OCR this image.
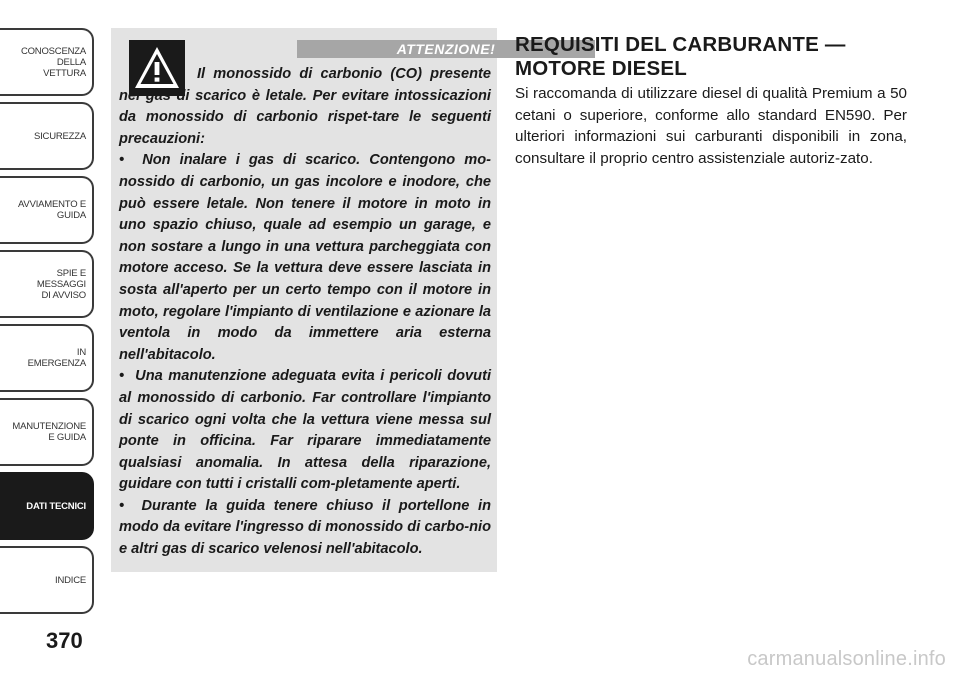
CONOSCENZA DELLA
VETTURA
SICUREZZA
AVVIAMENTO E
GUIDA
SPIE E
MESSAGGI
DI AVVISO
IN
EMERGENZA
MANUTENZIONE
E GUIDA
DATI TECNICI
INDICE
370
ATTENZIONE!

Il monossido di carbonio (CO) presente nei gas di scarico è letale. Per evitare intossicazioni da monossido di carbonio rispet-tare le seguenti precauzioni:

•  Non inalare i gas di scarico. Contengono mo-nossido di carbonio, un gas incolore e inodore, che può essere letale. Non tenere il motore in moto in uno spazio chiuso, quale ad esempio un garage, e non sostare a lungo in una vettura parcheggiata con motore acceso. Se la vettura deve essere lasciata in sosta all'aperto per un certo tempo con il motore in moto, regolare l'impianto di ventilazione e azionare la ventola in modo da immettere aria esterna nell'abitacolo.

•  Una manutenzione adeguata evita i pericoli dovuti al monossido di carbonio. Far controllare l'impianto di scarico ogni volta che la vettura viene messa sul ponte in officina. Far riparare immediatamente qualsiasi anomalia. In attesa della riparazione, guidare con tutti i cristalli com-pletamente aperti.

•  Durante la guida tenere chiuso il portellone in modo da evitare l'ingresso di monossido di carbo-nio e altri gas di scarico velenosi nell'abitacolo.

REQUISITI DEL CARBURANTE — MOTORE DIESEL
Si raccomanda di utilizzare diesel di qualità Premium a 50 cetani o superiore, conforme allo standard EN590. Per ulteriori informazioni sui carburanti disponibili in zona, consultare il proprio centro assistenziale autoriz-zato.
carmanualsonline.info
